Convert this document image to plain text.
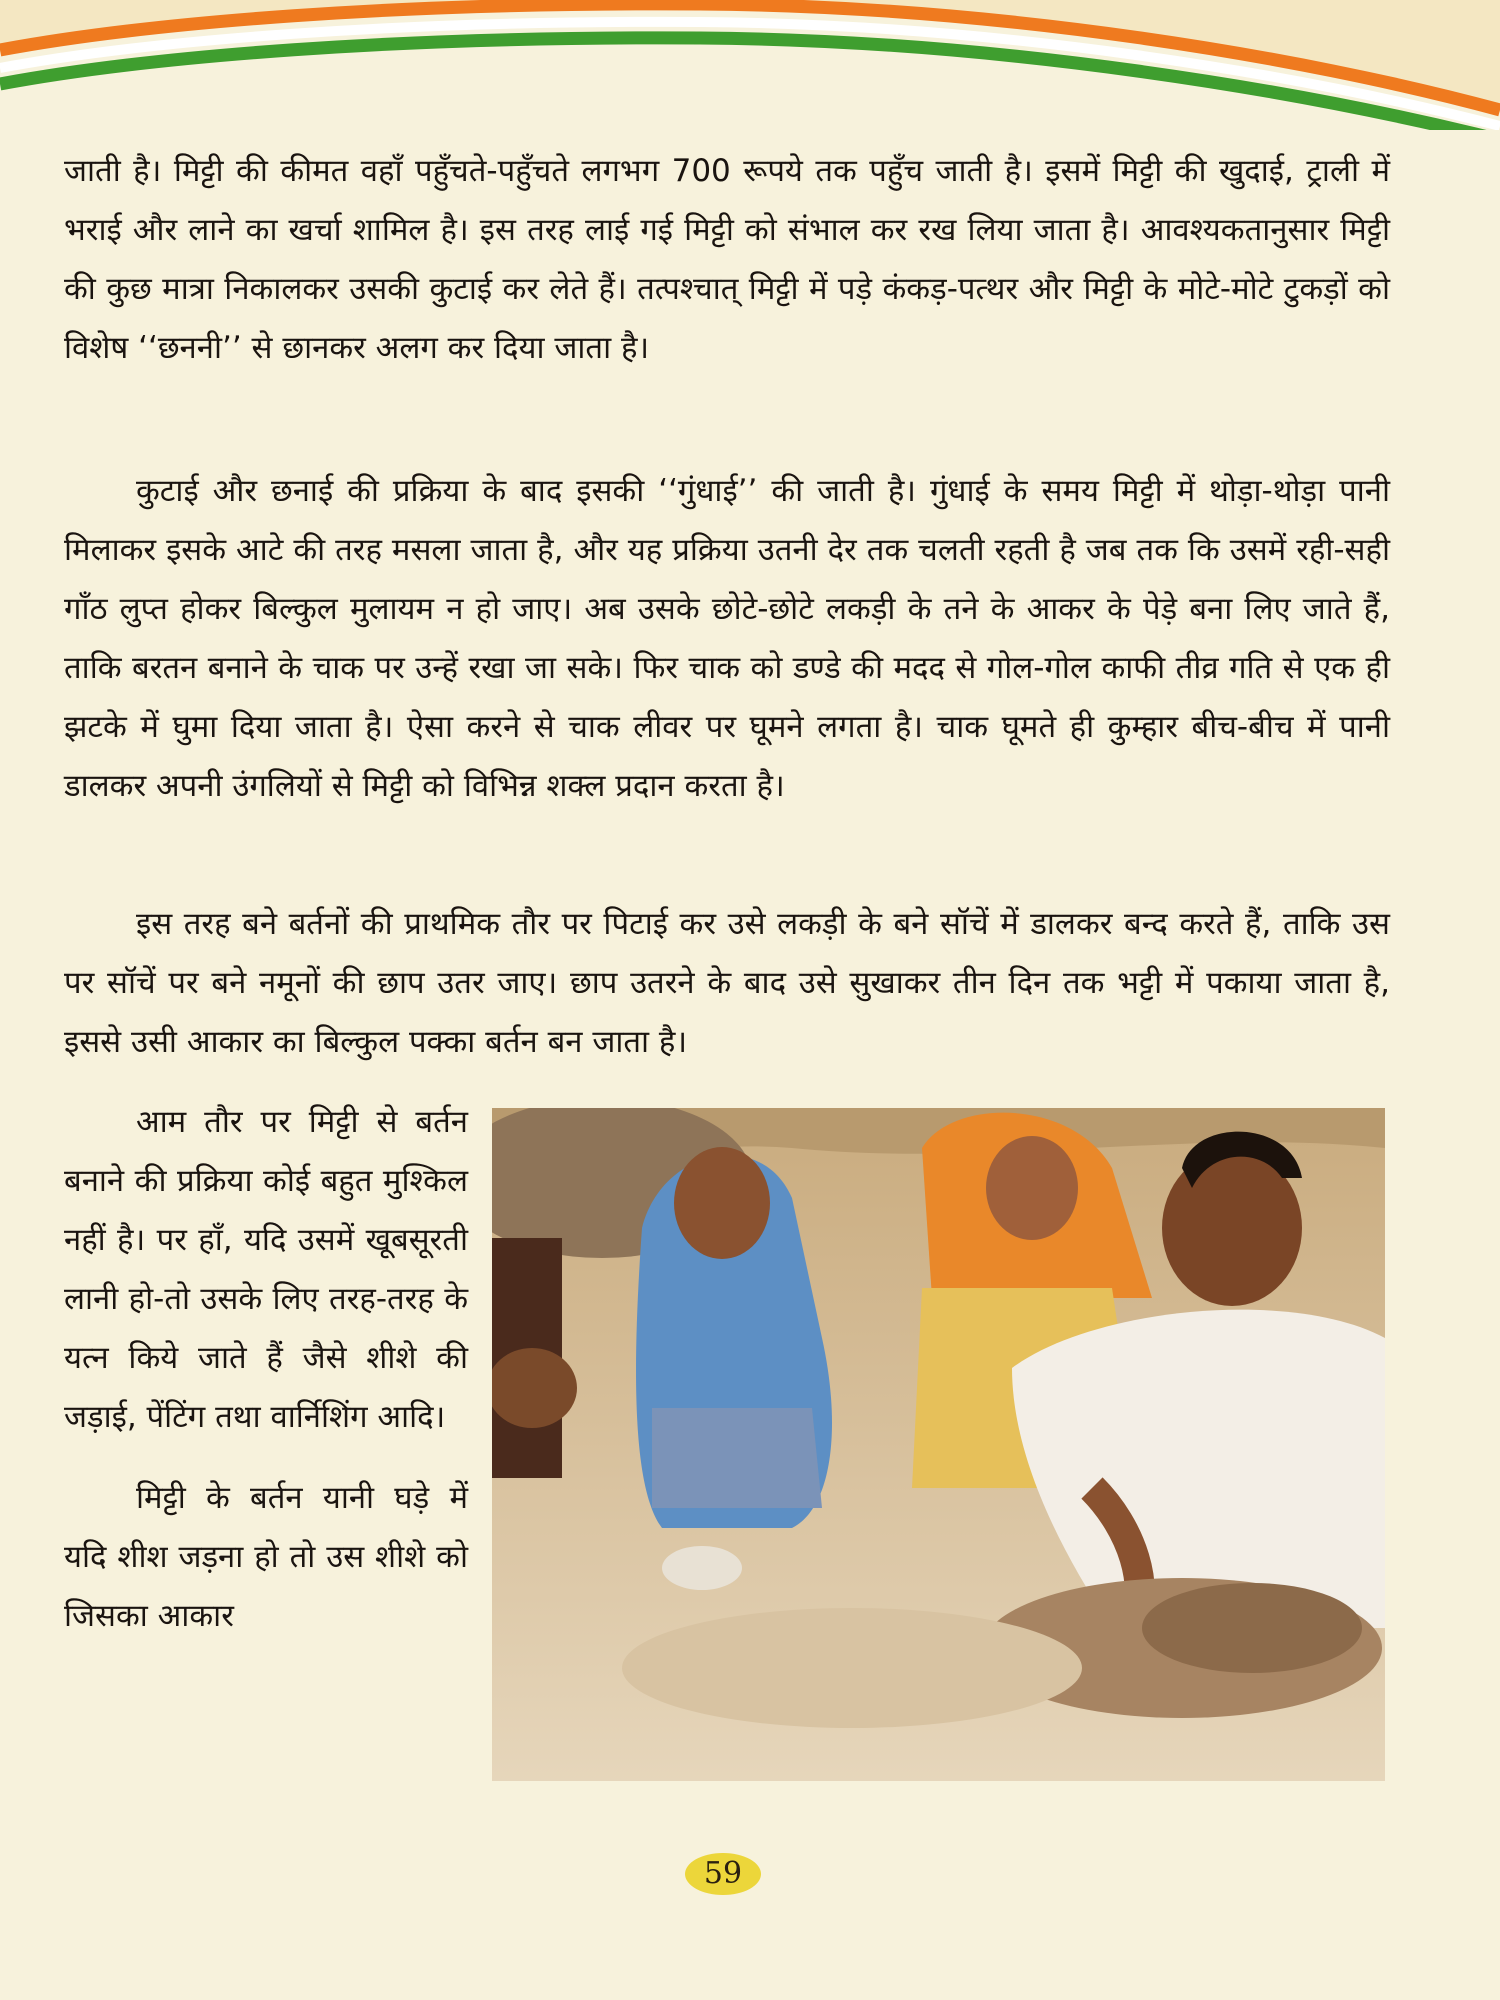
जाती है। मिट्टी की कीमत वहाँ पहुँचते-पहुँचते लगभग 700 रूपये तक पहुँच जाती है। इसमें मिट्टी की खुदाई, ट्राली में भराई और लाने का खर्चा शामिल है। इस तरह लाई गई मिट्टी को संभाल कर रख लिया जाता है। आवश्यकतानुसार मिट्टी की कुछ मात्रा निकालकर उसकी कुटाई कर लेते हैं। तत्पश्चात् मिट्टी में पड़े कंकड़-पत्थर और मिट्टी के मोटे-मोटे टुकड़ों को विशेष ‘‘छननी’’ से छानकर अलग कर दिया जाता है।

कुटाई और छनाई की प्रक्रिया के बाद इसकी ‘‘गुंधाई’’ की जाती है। गुंधाई के समय मिट्टी में थोड़ा-थोड़ा पानी मिलाकर इसके आटे की तरह मसला जाता है, और यह प्रक्रिया उतनी देर तक चलती रहती है जब तक कि उसमें रही-सही गाँठ लुप्त होकर बिल्कुल मुलायम न हो जाए। अब उसके छोटे-छोटे लकड़ी के तने के आकर के पेड़े बना लिए जाते हैं, ताकि बरतन बनाने के चाक पर उन्हें रखा जा सके। फिर चाक को डण्डे की मदद से गोल-गोल काफी तीव्र गति से एक ही झटके में घुमा दिया जाता है। ऐसा करने से चाक लीवर पर घूमने लगता है। चाक घूमते ही कुम्हार बीच-बीच में पानी डालकर अपनी उंगलियों से मिट्टी को विभिन्न शक्ल प्रदान करता है।

इस तरह बने बर्तनों की प्राथमिक तौर पर पिटाई कर उसे लकड़ी के बने सॉचें में डालकर बन्द करते हैं, ताकि उस पर सॉचें पर बने नमूनों की छाप उतर जाए। छाप उतरने के बाद उसे सुखाकर तीन दिन तक भट्टी में पकाया जाता है, इससे उसी आकार का बिल्कुल पक्का बर्तन बन जाता है।

आम तौर पर मिट्टी से बर्तन बनाने की प्रक्रिया कोई बहुत मुश्किल नहीं है। पर हाँ, यदि उसमें खूबसूरती लानी हो-तो उसके लिए तरह-तरह के यत्न किये जाते हैं जैसे शीशे की जड़ाई, पेंटिंग तथा वार्निशिंग आदि।

मिट्टी के बर्तन यानी घड़े में यदि शीश जड़ना हो तो उस शीशे को जिसका आकार

59
